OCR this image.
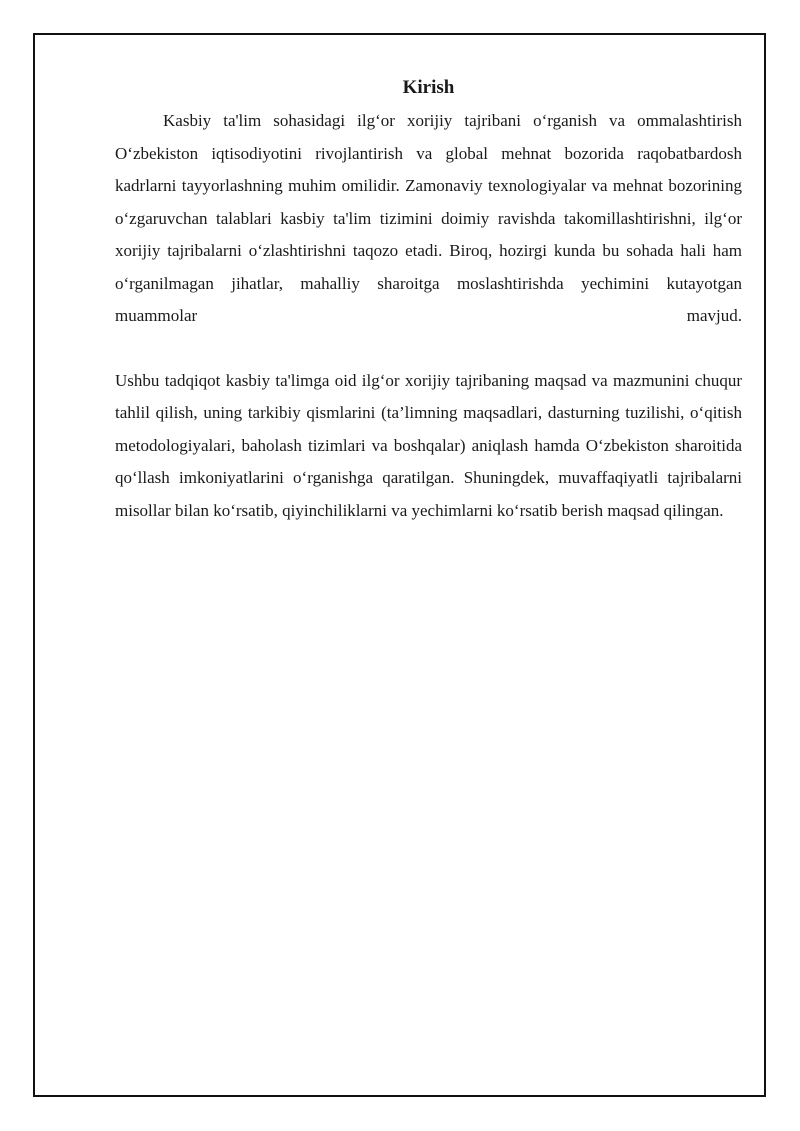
Kirish

Kasbiy ta'lim sohasidagi ilg‘or xorijiy tajribani o‘rganish va ommalashtirish O‘zbekiston iqtisodiyotini rivojlantirish va global mehnat bozorida raqobatbardosh kadrlarni tayyorlashning muhim omilidir. Zamonaviy texnologiyalar va mehnat bozorining o‘zgaruvchan talablari kasbiy ta'lim tizimini doimiy ravishda takomillashtirishni, ilg‘or xorijiy tajribalarni o‘zlashtirishni taqozo etadi. Biroq, hozirgi kunda bu sohada hali ham o‘rganilmagan jihatlar, mahalliy sharoitga moslashtirishda yechimini kutayotgan muammolar mavjud.

Ushbu tadqiqot kasbiy ta'limga oid ilg‘or xorijiy tajribaning maqsad va mazmunini chuqur tahlil qilish, uning tarkibiy qismlarini (ta’limning maqsadlari, dasturning tuzilishi, o‘qitish metodologiyalari, baholash tizimlari va boshqalar) aniqlash hamda O‘zbekiston sharoitida qo‘llash imkoniyatlarini o‘rganishga qaratilgan. Shuningdek, muvaffaqiyatli tajribalarni misollar bilan ko‘rsatib, qiyinchiliklarni va yechimlarni ko‘rsatib berish maqsad qilingan.
